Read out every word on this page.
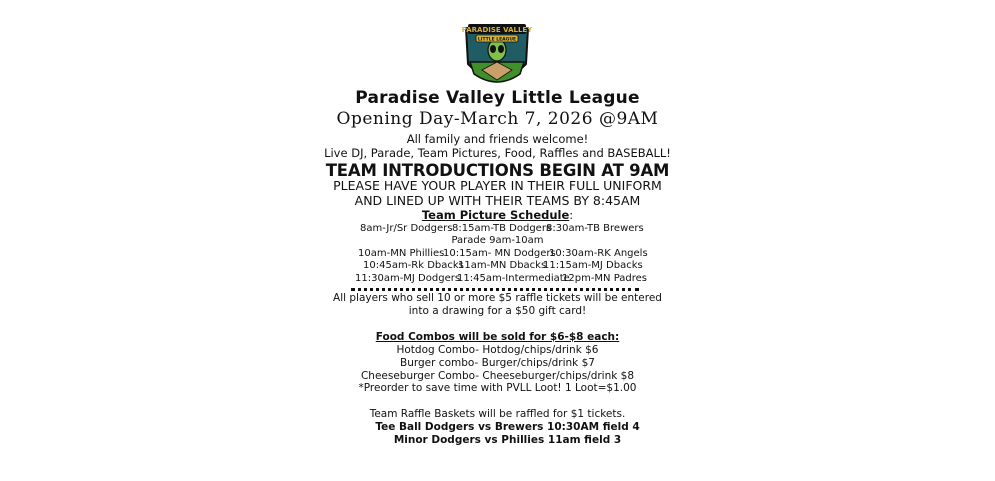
PARADISE VALLEY
LITTLE LEAGUE
Paradise Valley Little League
Opening Day-March 7, 2026 @9AM
All family and friends welcome!
Live DJ, Parade, Team Pictures, Food, Raffles and BASEBALL!
TEAM INTRODUCTIONS BEGIN AT 9AM
PLEASE HAVE YOUR PLAYER IN THEIR FULL UNIFORM
AND LINED UP WITH THEIR TEAMS BY 8:45AM
Team Picture Schedule:
8am-Jr/Sr Dodgers 8:15am-TB Dodgers
8:30am-TB Brewers
Parade 9am-10am
10am-MN Phillies
10:15am- MN Dodgers
10:30am-RK Angels
10:45am-Rk Dbacks
11am-MN Dbacks
11:15am-MJ Dbacks
11:30am-MJ Dodgers
11:45am-Intermediate
12pm-MN Padres
All players who sell 10 or more $5 raffle tickets will be entered
into a drawing for a $50 gift card!
Food Combos will be sold for $6-$8 each:
Hotdog Combo- Hotdog/chips/drink $6
Burger combo- Burger/chips/drink $7
Cheeseburger Combo- Cheeseburger/chips/drink $8
*Preorder to save time with PVLL Loot! 1 Loot=$1.00
Team Raffle Baskets will be raffled for $1 tickets.
Tee Ball Dodgers vs Brewers 10:30AM field 4
Minor Dodgers vs Phillies 11am field 3
